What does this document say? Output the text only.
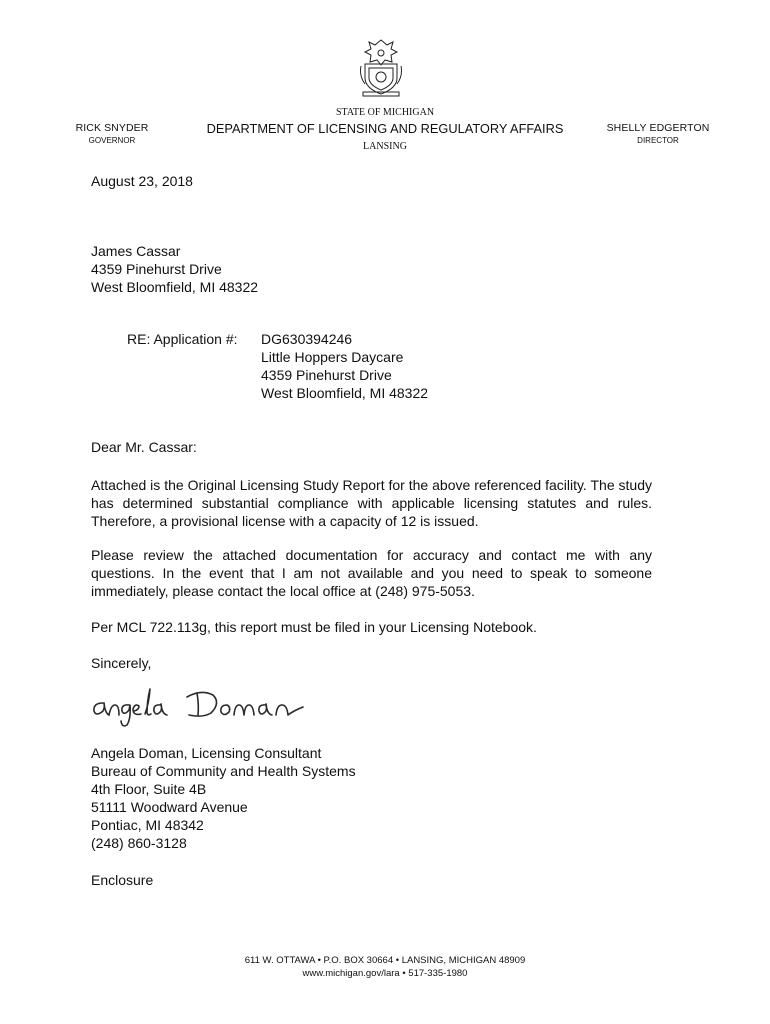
RICK SNYDER
GOVERNOR
STATE OF MICHIGAN
DEPARTMENT OF LICENSING AND REGULATORY AFFAIRS
LANSING
SHELLY EDGERTON
DIRECTOR
August 23, 2018
James Cassar
4359 Pinehurst Drive
West Bloomfield, MI 48322
RE: Application #: DG630394246
Little Hoppers Daycare
4359 Pinehurst Drive
West Bloomfield, MI 48322
Dear Mr. Cassar:
Attached is the Original Licensing Study Report for the above referenced facility. The study has determined substantial compliance with applicable licensing statutes and rules. Therefore, a provisional license with a capacity of 12 is issued.
Please review the attached documentation for accuracy and contact me with any questions. In the event that I am not available and you need to speak to someone immediately, please contact the local office at (248) 975-5053.
Per MCL 722.113g, this report must be filed in your Licensing Notebook.
Sincerely,
Angela Doman, Licensing Consultant
Bureau of Community and Health Systems
4th Floor, Suite 4B
51111 Woodward Avenue
Pontiac, MI 48342
(248) 860-3128
Enclosure
611 W. OTTAWA • P.O. BOX 30664 • LANSING, MICHIGAN 48909
www.michigan.gov/lara • 517-335-1980
